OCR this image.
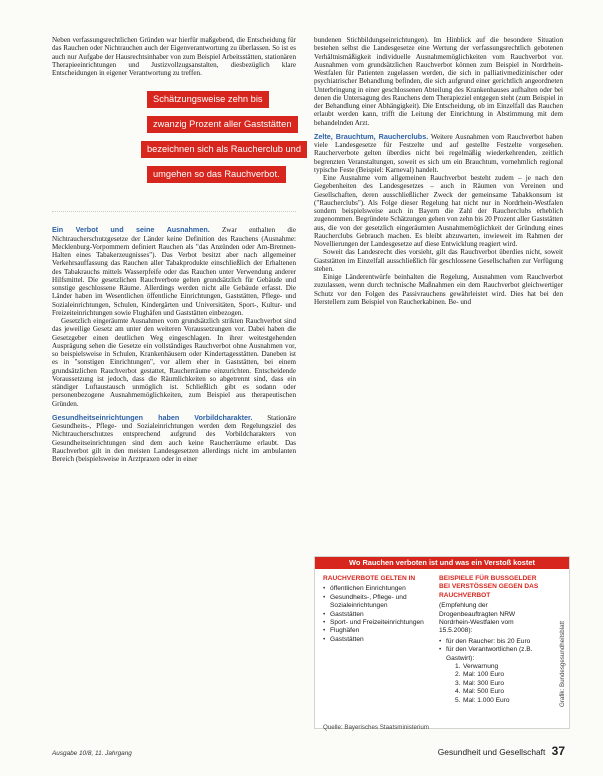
Neben verfassungsrechtlichen Gründen war hierfür maßgebend, die Entscheidung für das Rauchen oder Nichtrauchen auch der Eigenverantwortung zu überlassen. So ist es auch nur Aufgabe der Hausrechtsinhaber von zum Beispiel Arbeitsstätten, stationären Therapieeinrichtungen und Justizvollzugsanstalten, diesbezüglich klare Entscheidungen in eigener Verantwortung zu treffen.

Schätzungsweise zehn bis
zwanzig Prozent aller Gaststätten
bezeichnen sich als Raucherclub und
umgehen so das Rauchverbot.

Ein Verbot und seine Ausnahmen. Zwar enthalten die Nichtraucherschutzgesetze der Länder keine Definition des Rauchens (Ausnahme: Mecklenburg-Vorpommern definiert Rauchen als "das Anzünden oder Am-Brennen-Halten eines Tabakerzeugnisses"). Das Verbot besitzt aber nach allgemeiner Verkehrsauffassung das Rauchen aller Tabakprodukte einschließlich der Erhaltenen des Tabakrauchs mittels Wasserpfeife oder das Rauchen unter Verwendung anderer Hilfsmittel. Die gesetzlichen Rauchverbote gelten grundsätzlich für Gebäude und sonstige geschlossene Räume. Allerdings werden nicht alle Gebäude erfasst. Die Länder haben im Wesentlichen öffentliche Einrichtungen, Gaststätten, Pflege- und Sozialeinrichtungen, Schulen, Kindergärten und Universitäten, Sport-, Kultur- und Freizeiteinrichtungen sowie Flughäfen und Gaststätten einbezogen.

Gesetzlich eingeräumte Ausnahmen vom grundsätzlich strikten Rauchverbot sind das jeweilige Gesetz am unter den weiteren Voraussetzungen vor. Dabei haben die Gesetzgeber einen deutlichen Weg eingeschlagen. In ihrer weitestgehenden Ausprägung sehen die Gesetze ein vollständiges Rauchverbot ohne Ausnahmen vor, so beispielsweise in Schulen, Krankenhäusern oder Kindertagesstätten. Daneben ist es in "sonstigen Einrichtungen", vor allem eher in Gaststätten, bei einem grundsätzlichen Rauchverbot gestattet, Raucherräume einzurichten. Entscheidende Voraussetzung ist jedoch, dass die Räumlichkeiten so abgetrennt sind, dass ein ständiger Luftaustausch unmöglich ist. Schließlich gibt es sodann oder personenbezogene Ausnahmemöglichkeiten, zum Beispiel aus therapeutischen Gründen.

Gesundheitseinrichtungen haben Vorbildcharakter. Stationäre Gesundheits-, Pflege- und Sozialeinrichtungen werden dem Regelungsziel des Nichtraucherschutzes entsprechend aufgrund des Vorbildcharakters von Gesundheitseinrichtungen sind dem auch keine Raucherräume erlaubt. Das Rauchverbot gilt in den meisten Landesgesetzen allerdings nicht im ambulanten Bereich (beispielsweise in Arztpraxen oder in einer

bundenen Stichbildungseinrichtungen). Im Hinblick auf die besondere Situation bestehen selbst die Landesgesetze eine Wertung der verfassungsrechtlich gebotenen Verhältnismäßigkeit individuelle Ausnahmemöglichkeiten vom Rauchverbot vor. Ausnahmen vom grundsätzlichen Rauchverbot können zum Beispiel in Nordrhein-Westfalen für Patienten zugelassen werden, die sich in palliativmedizinischer oder psychiatrischer Behandlung befinden, die sich aufgrund einer gerichtlich angeordneten Unterbringung in einer geschlossenen Abteilung des Krankenhauses aufhalten oder bei denen die Untersagung des Rauchens dem Therapieziel entgegen steht (zum Beispiel in der Behandlung einer Abhängigkeit). Die Entscheidung, ob im Einzelfall das Rauchen erlaubt werden kann, trifft die Leitung der Einrichtung in Abstimmung mit dem behandelnden Arzt.

Zelte, Brauchtum, Raucherclubs. Weitere Ausnahmen vom Rauchverbot haben viele Landesgesetze für Festzelte und auf gestellte Festzelte vorgesehen. Raucherverbote gelten überdies nicht bei regelmäßig wiederkehrenden, zeitlich begrenzten Veranstaltungen, soweit es sich um ein Brauchtum, vornehmlich regional typische Feste (Beispiel: Karneval) handelt.

Eine Ausnahme vom allgemeinen Rauchverbot besteht zudem – je nach den Gegebenheiten des Landesgesetzes – auch in Räumen von Vereinen und Gesellschaften, deren ausschließlicher Zweck der gemeinsame Tabakkonsum ist ("Raucherclubs"). Als Folge dieser Regelung hat nicht nur in Nordrhein-Westfalen sondern beispielsweise auch in Bayern die Zahl der Raucherclubs erheblich zugenommen. Begründete Schätzungen gehen von zehn bis 20 Prozent aller Gaststätten aus, die von der gesetzlich eingeräumten Ausnahmemöglichkeit der Gründung eines Raucherclubs Gebrauch machen. Es bleibt abzuwarten, inwieweit im Rahmen der Novellierungen der Landesgesetze auf diese Entwicklung reagiert wird.

Soweit das Landesrecht dies vorsieht, gilt das Rauchverbot überdies nicht, soweit Gaststätten im Einzelfall ausschließlich für geschlossene Gesellschaften zur Verfügung stehen.

Einige Länderentwürfe beinhalten die Regelung, Ausnahmen vom Rauchverbot zuzulassen, wenn durch technische Maßnahmen ein dem Rauchverbot gleichwertiger Schutz vor den Folgen des Passivrauchens gewährleistet wird. Dies hat bei den Herstellern zum Beispiel von Raucherkabinen. Be- und

Wo Rauchen verboten ist und was ein Verstoß kostet
RAUCHVERBOTE GELTEN IN
• öffentlichen Einrichtungen
• Gesundheits-, Pflege- und Sozialeinrichtungen
• Gaststätten
• Sport- und Freizeiteinrichtungen
• Flughäfen
• Gaststätten
BEISPIELE FÜR BUSSGELDER BEI VERSTÖSSEN GEGEN DAS RAUCHVERBOT
(Empfehlung der Drogenbeauftragten NRW Nordrhein-Westfalen vom 15.5.2008):
• für den Raucher: bis 20 Euro
• für den Verantwortlichen (z.B. Gastwirt):
1. Verwarnung
2. Mal: 100 Euro
3. Mal: 300 Euro
4. Mal: 500 Euro
5. Mal: 1.000 Euro	Grafik: Bundesgesundheitsblatt
Quelle: Bayerisches Staatsministerium
Ausgabe 10/8, 11. Jahrgang	Gesundheit und Gesellschaft 37
